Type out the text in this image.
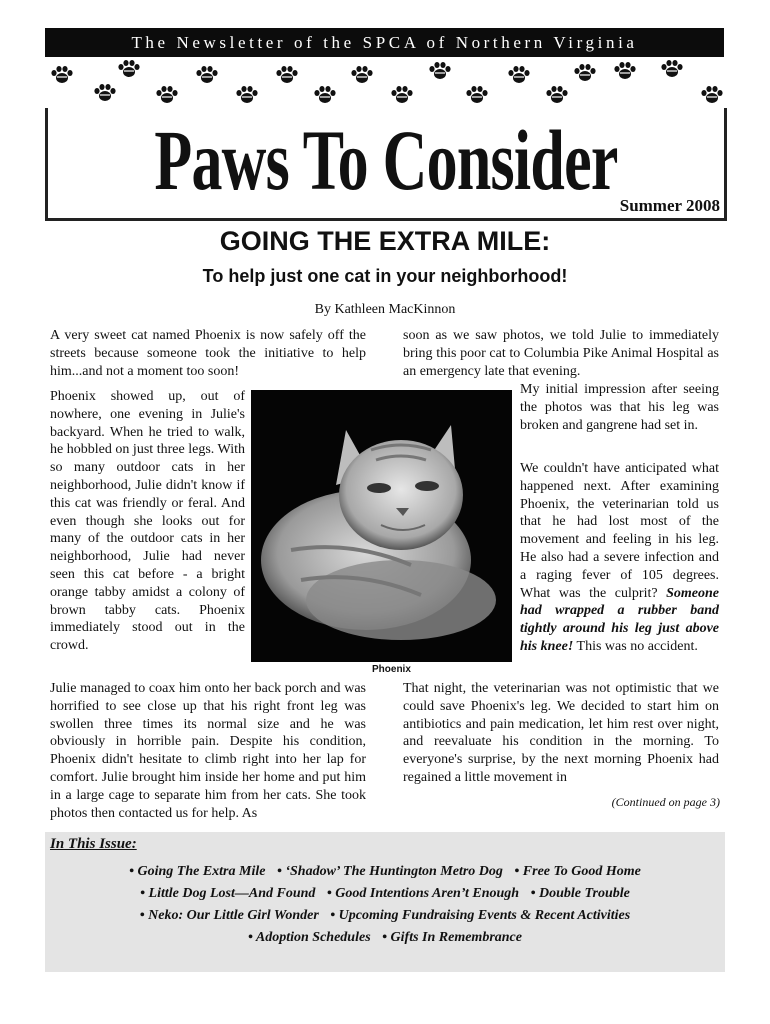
The Newsletter of the SPCA of Northern Virginia
Paws To Consider Summer 2008
GOING THE EXTRA MILE:
To help just one cat in your neighborhood!
By Kathleen MacKinnon

A very sweet cat named Phoenix is now safely off the streets because someone took the initiative to help him...and not a moment too soon!

Phoenix showed up, out of nowhere, one evening in Julie's backyard. When he tried to walk, he hobbled on just three legs. With so many outdoor cats in her neighborhood, Julie didn't know if this cat was friendly or feral. And even though she looks out for many of the outdoor cats in her neighborhood, Julie had never seen this cat before - a bright orange tabby amidst a colony of brown tabby cats. Phoenix immediately stood out in the crowd.

Julie managed to coax him onto her back porch and was horrified to see close up that his right front leg was swollen three times its normal size and he was obviously in horrible pain. Despite his condition, Phoenix didn't hesitate to climb right into her lap for comfort. Julie brought him inside her home and put him in a large cage to separate him from her cats. She took photos then contacted us for help. As

soon as we saw photos, we told Julie to immediately bring this poor cat to Columbia Pike Animal Hospital as an emergency late that evening.

My initial impression after seeing the photos was that his leg was broken and gangrene had set in.

We couldn't have anticipated what happened next. After examining Phoenix, the veterinarian told us that he had lost most of the movement and feeling in his leg. He also had a severe infection and a raging fever of 105 degrees. What was the culprit? Someone had wrapped a rubber band tightly around his leg just above his knee! This was no accident.

That night, the veterinarian was not optimistic that we could save Phoenix's leg. We decided to start him on antibiotics and pain medication, let him rest over night, and reevaluate his condition in the morning. To everyone's surprise, by the next morning Phoenix had regained a little movement in

Phoenix
(Continued on page 3)
In This Issue:
• Going The Extra Mile • ‘Shadow’ The Huntington Metro Dog • Free To Good Home
• Little Dog Lost—And Found • Good Intentions Aren’t Enough • Double Trouble
• Neko: Our Little Girl Wonder • Upcoming Fundraising Events & Recent Activities
• Adoption Schedules • Gifts In Remembrance
